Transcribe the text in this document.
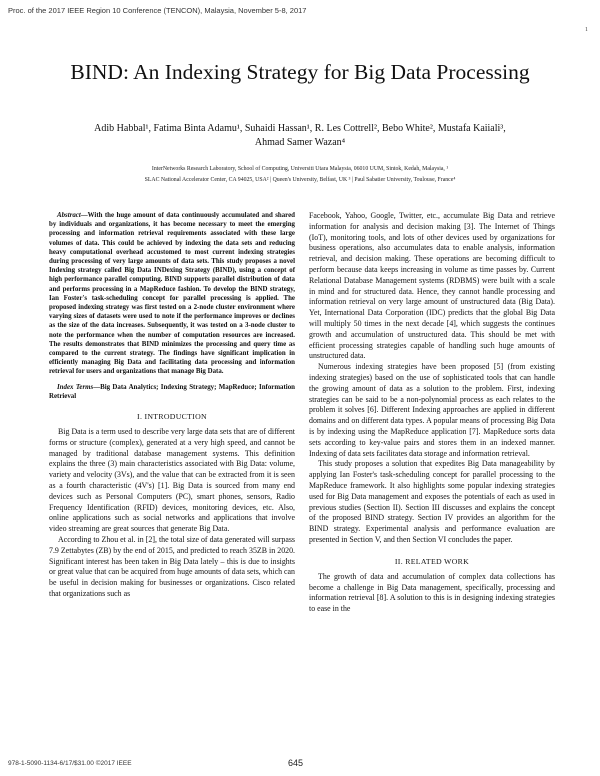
Proc. of the 2017 IEEE Region 10 Conference (TENCON), Malaysia, November 5-8, 2017
1
BIND: An Indexing Strategy for Big Data Processing
Adib Habbal¹, Fatima Binta Adamu¹, Suhaidi Hassan¹, R. Les Cottrell², Bebo White², Mustafa Kaiiali³,
Ahmad Samer Wazan⁴
InterNetworks Research Laboratory, School of Computing, Universiti Utara Malaysia, 06010 UUM, Sintok, Kedah, Malaysia, ¹
SLAC National Accelerator Center, CA 94025, USA² | Queen's University, Belfast, UK ³ | Paul Sabatier University, Toulouse, France⁴

Abstract—With the huge amount of data continuously accumulated and shared by individuals and organizations, it has become necessary to meet the emerging processing and information retrieval requirements associated with these large volumes of data. This could be achieved by indexing the data sets and reducing heavy computational overhead accustomed to most current indexing strategies during processing of very large amounts of data sets. This study proposes a novel Indexing strategy called Big Data INDexing Strategy (BIND), using a concept of high performance parallel computing. BIND supports parallel distribution of data and performs processing in a MapReduce fashion. To develop the BIND strategy, Ian Foster's task-scheduling concept for parallel processing is applied. The proposed indexing strategy was first tested on a 2-node cluster environment where varying sizes of datasets were used to note if the performance improves or declines as the size of the data increases. Subsequently, it was tested on a 3-node cluster to note the performance when the number of computation resources are increased. The results demonstrates that BIND minimizes the processing and query time as compared to the current strategy. The findings have significant implication in efficiently managing Big Data and facilitating data processing and information retrieval for users and organizations that manage Big Data.

Index Terms—Big Data Analytics; Indexing Strategy; MapReduce; Information Retrieval

I. INTRODUCTION

Big Data is a term used to describe very large data sets that are of different forms or structure (complex), generated at a very high speed, and cannot be managed by traditional database management systems. This definition explains the three (3) main characteristics associated with Big Data: volume, variety and velocity (3Vs), and the value that can be extracted from it is seen as a fourth characteristic (4V's) [1]. Big Data is sourced from many end devices such as Personal Computers (PC), smart phones, sensors, Radio Frequency Identification (RFID) devices, monitoring devices, etc. Also, online applications such as social networks and applications that involve video streaming are great sources that generate Big Data.

According to Zhou et al. in [2], the total size of data generated will surpass 7.9 Zettabytes (ZB) by the end of 2015, and predicted to reach 35ZB in 2020. Significant interest has been taken in Big Data lately – this is due to insights or great value that can be acquired from huge amounts of data sets, which can be useful in decision making for businesses or organizations. Cisco related that organizations such as

Facebook, Yahoo, Google, Twitter, etc., accumulate Big Data and retrieve information for analysis and decision making [3]. The Internet of Things (IoT), monitoring tools, and lots of other devices used by organizations for business operations, also accumulates data to enable analysis, information retrieval, and decision making. These operations are becoming difficult to perform because data keeps increasing in volume as time passes by. Current Relational Database Management systems (RDBMS) were built with a scale in mind and for structured data. Hence, they cannot handle processing and information retrieval on very large amount of unstructured data (Big Data). Yet, International Data Corporation (IDC) predicts that the global Big Data will multiply 50 times in the next decade [4], which suggests the continues growth and accumulation of unstructured data. This should be met with efficient processing strategies capable of handling such huge amounts of unstructured data.

Numerous indexing strategies have been proposed [5] (from existing indexing strategies) based on the use of sophisticated tools that can handle the growing amount of data as a solution to the problem. First, indexing strategies can be said to be a non-polynomial process as each relates to the problem it solves [6]. Different Indexing approaches are applied in different domains and on different data types. A popular means of processing Big Data is by indexing using the MapReduce application [7]. MapReduce sorts data sets according to key-value pairs and stores them in an indexed manner. Indexing of data sets facilitates data storage and information retrieval.

This study proposes a solution that expedites Big Data manageability by applying Ian Foster's task-scheduling concept for parallel processing to the MapReduce framework. It also highlights some popular indexing strategies used for Big Data management and exposes the potentials of each as used in previous studies (Section II). Section III discusses and explains the concept of the proposed BIND strategy. Section IV provides an algorithm for the BIND strategy. Experimental analysis and performance evaluation are presented in Section V, and then Section VI concludes the paper.

II. RELATED WORK

The growth of data and accumulation of complex data collections has become a challenge in Big Data management, specifically, processing and information retrieval [8]. A solution to this is in designing indexing strategies to ease in the

978-1-5090-1134-6/17/$31.00 ©2017 IEEE	645
